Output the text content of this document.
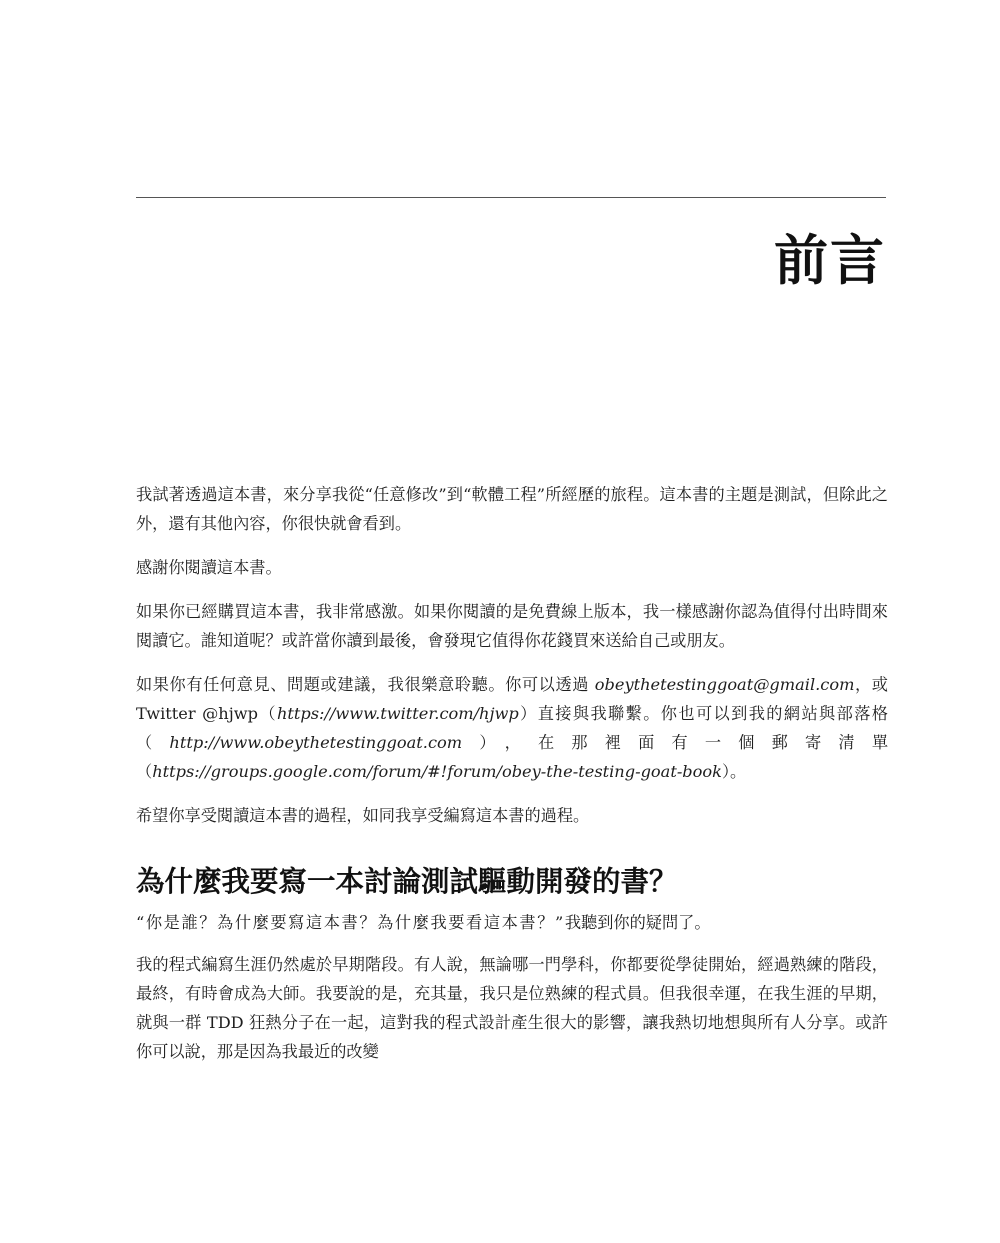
前言

我試著透過這本書，來分享我從“任意修改”到“軟體工程”所經歷的旅程。這本書的主題是測試，但除此之外，還有其他內容，你很快就會看到。

感謝你閱讀這本書。

如果你已經購買這本書，我非常感激。如果你閱讀的是免費線上版本，我一樣感謝你認為值得付出時間來閱讀它。誰知道呢？或許當你讀到最後，會發現它值得你花錢買來送給自己或朋友。

如果你有任何意見、問題或建議，我很樂意聆聽。你可以透過 obeythetestinggoat@gmail.com，或 Twitter @hjwp（https://www.twitter.com/hjwp）直接與我聯繫。你也可以到我的網站與部落格（http://www.obeythetestinggoat.com），在那裡面有一個郵寄清單（https://groups.google.com/forum/#!forum/obey-the-testing-goat-book）。

希望你享受閱讀這本書的過程，如同我享受編寫這本書的過程。

為什麼我要寫一本討論測試驅動開發的書？

“你是誰？為什麼要寫這本書？為什麼我要看這本書？”我聽到你的疑問了。

我的程式編寫生涯仍然處於早期階段。有人說，無論哪一門學科，你都要從學徒開始，經過熟練的階段，最終，有時會成為大師。我要說的是，充其量，我只是位熟練的程式員。但我很幸運，在我生涯的早期，就與一群 TDD 狂熱分子在一起，這對我的程式設計產生很大的影響，讓我熱切地想與所有人分享。或許你可以說，那是因為我最近的改變
